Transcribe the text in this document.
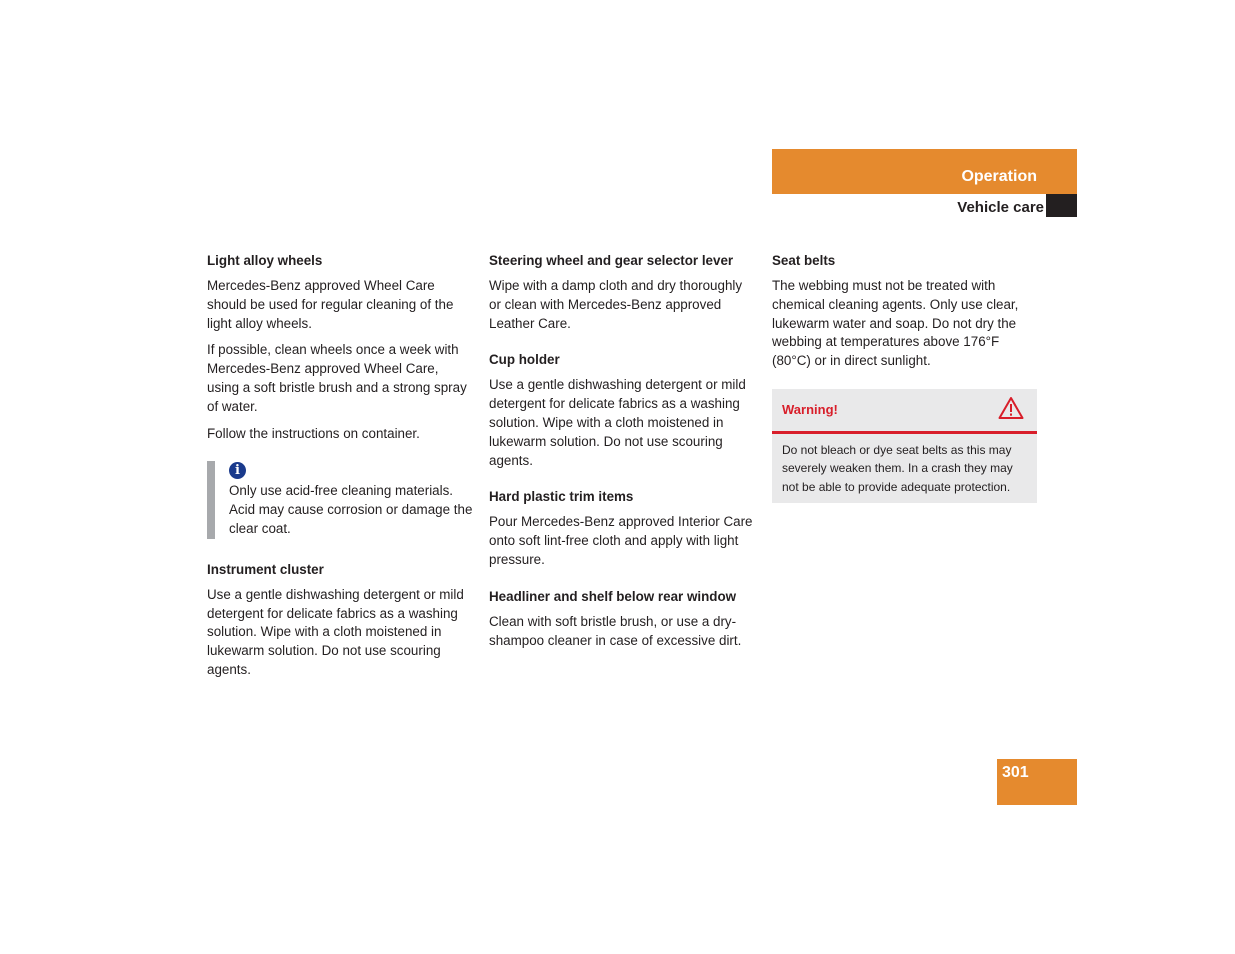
Operation
Vehicle care
Light alloy wheels

Mercedes-Benz approved Wheel Care should be used for regular cleaning of the light alloy wheels.

If possible, clean wheels once a week with Mercedes-Benz approved Wheel Care, using a soft bristle brush and a strong spray of water.

Follow the instructions on container.

i
Only use acid-free cleaning materials. Acid may cause corrosion or damage the clear coat.
Instrument cluster

Use a gentle dishwashing detergent or mild detergent for delicate fabrics as a washing solution. Wipe with a cloth moistened in lukewarm solution. Do not use scouring agents.

Steering wheel and gear selector lever

Wipe with a damp cloth and dry thoroughly or clean with Mercedes-Benz approved Leather Care.

Cup holder

Use a gentle dishwashing detergent or mild detergent for delicate fabrics as a washing solution. Wipe with a cloth moistened in lukewarm solution. Do not use scouring agents.

Hard plastic trim items

Pour Mercedes-Benz approved Interior Care onto soft lint-free cloth and apply with light pressure.

Headliner and shelf below rear window

Clean with soft bristle brush, or use a dry-shampoo cleaner in case of excessive dirt.

Seat belts

The webbing must not be treated with chemical cleaning agents. Only use clear, lukewarm water and soap. Do not dry the webbing at temperatures above 176°F (80°C) or in direct sunlight.

Warning!
Do not bleach or dye seat belts as this may severely weaken them. In a crash they may not be able to provide adequate protection.
301
